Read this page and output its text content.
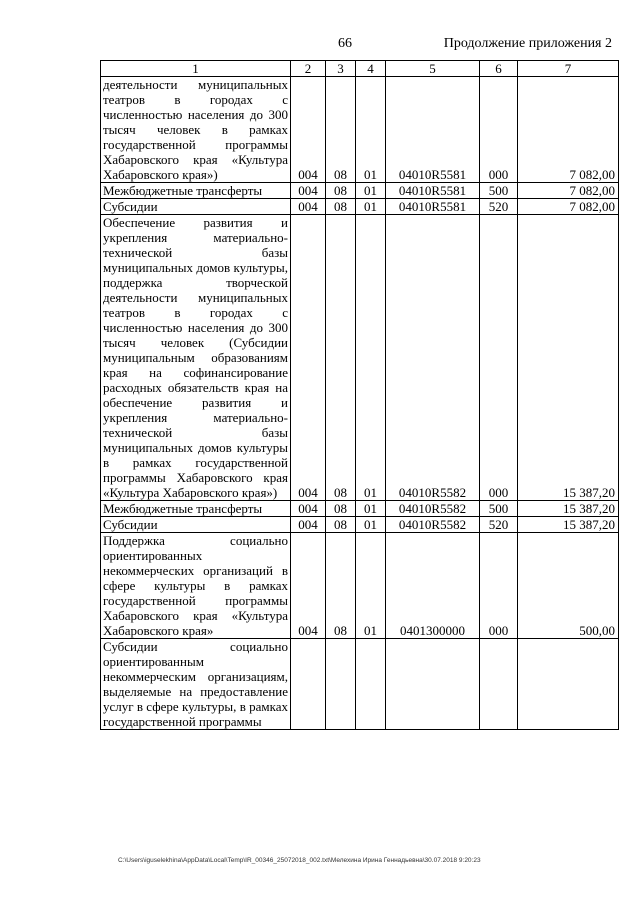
66	Продолжение приложения 2
1	2	3	4	5	6	7
деятельности муниципальных театров в городах с численностью населения до 300 тысяч человек в рамках государственной программы Хабаровского края «Культура Хабаровского края»)	004	08	01	04010R5581	000	7 082,00
Межбюджетные трансферты	004	08	01	04010R5581	500	7 082,00
Субсидии	004	08	01	04010R5581	520	7 082,00
Обеспечение развития и укрепления материально-технической базы муниципальных домов культуры, поддержка творческой деятельности муниципальных театров в городах с численностью населения до 300 тысяч человек (Субсидии муниципальным образованиям края на софинансирование расходных обязательств края на обеспечение развития и укрепления материально-технической базы муниципальных домов культуры в рамках государственной программы Хабаровского края «Культура Хабаровского края»)	004	08	01	04010R5582	000	15 387,20
Межбюджетные трансферты	004	08	01	04010R5582	500	15 387,20
Субсидии	004	08	01	04010R5582	520	15 387,20
Поддержка социально ориентированных некоммерческих организаций в сфере культуры в рамках государственной программы Хабаровского края «Культура Хабаровского края»	004	08	01	0401300000	000	500,00
Субсидии социально ориентированным некоммерческим организациям, выделяемые на предоставление услуг в сфере культуры, в рамках государственной программы						
C:\Users\iguselekhina\AppData\Local\Temp\IR_00346_25072018_002.txt\Мелехина Ирина Геннадьевна\30.07.2018 9:20:23
